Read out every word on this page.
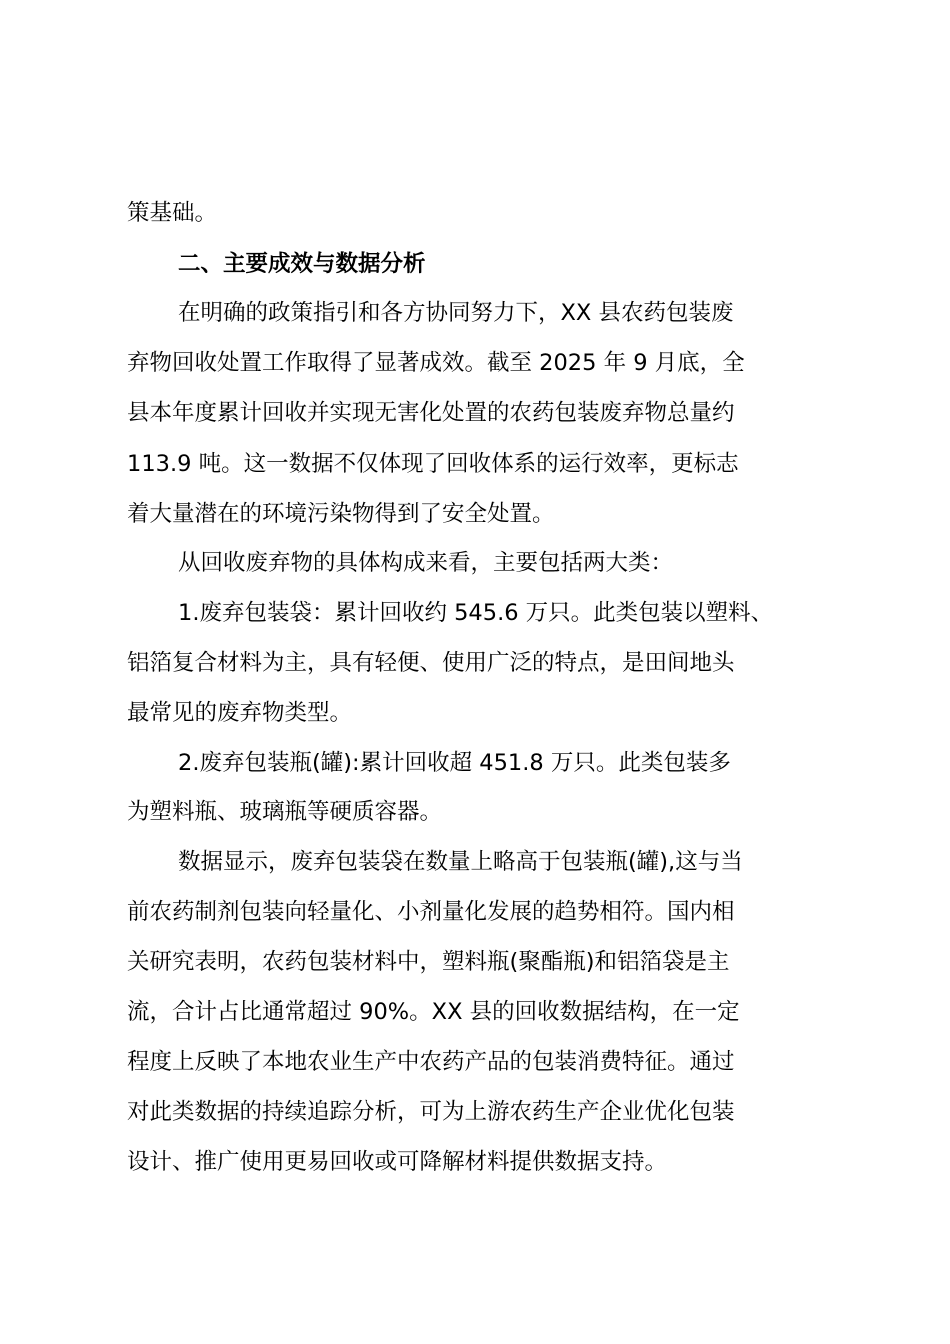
策基础。
二、主要成效与数据分析
在明确的政策指引和各方协同努力下，XX 县农药包装废
弃物回收处置工作取得了显著成效。截至 2025 年 9 月底，全
县本年度累计回收并实现无害化处置的农药包装废弃物总量约
113.9 吨。这一数据不仅体现了回收体系的运行效率，更标志
着大量潜在的环境污染物得到了安全处置。
从回收废弃物的具体构成来看，主要包括两大类：
1.废弃包装袋：累计回收约 545.6 万只。此类包装以塑料、
铝箔复合材料为主，具有轻便、使用广泛的特点，是田间地头
最常见的废弃物类型。
2.废弃包装瓶(罐):累计回收超 451.8 万只。此类包装多
为塑料瓶、玻璃瓶等硬质容器。
数据显示，废弃包装袋在数量上略高于包装瓶(罐),这与当
前农药制剂包装向轻量化、小剂量化发展的趋势相符。国内相
关研究表明，农药包装材料中，塑料瓶(聚酯瓶)和铝箔袋是主
流，合计占比通常超过 90%。XX 县的回收数据结构，在一定
程度上反映了本地农业生产中农药产品的包装消费特征。通过
对此类数据的持续追踪分析，可为上游农药生产企业优化包装
设计、推广使用更易回收或可降解材料提供数据支持。
